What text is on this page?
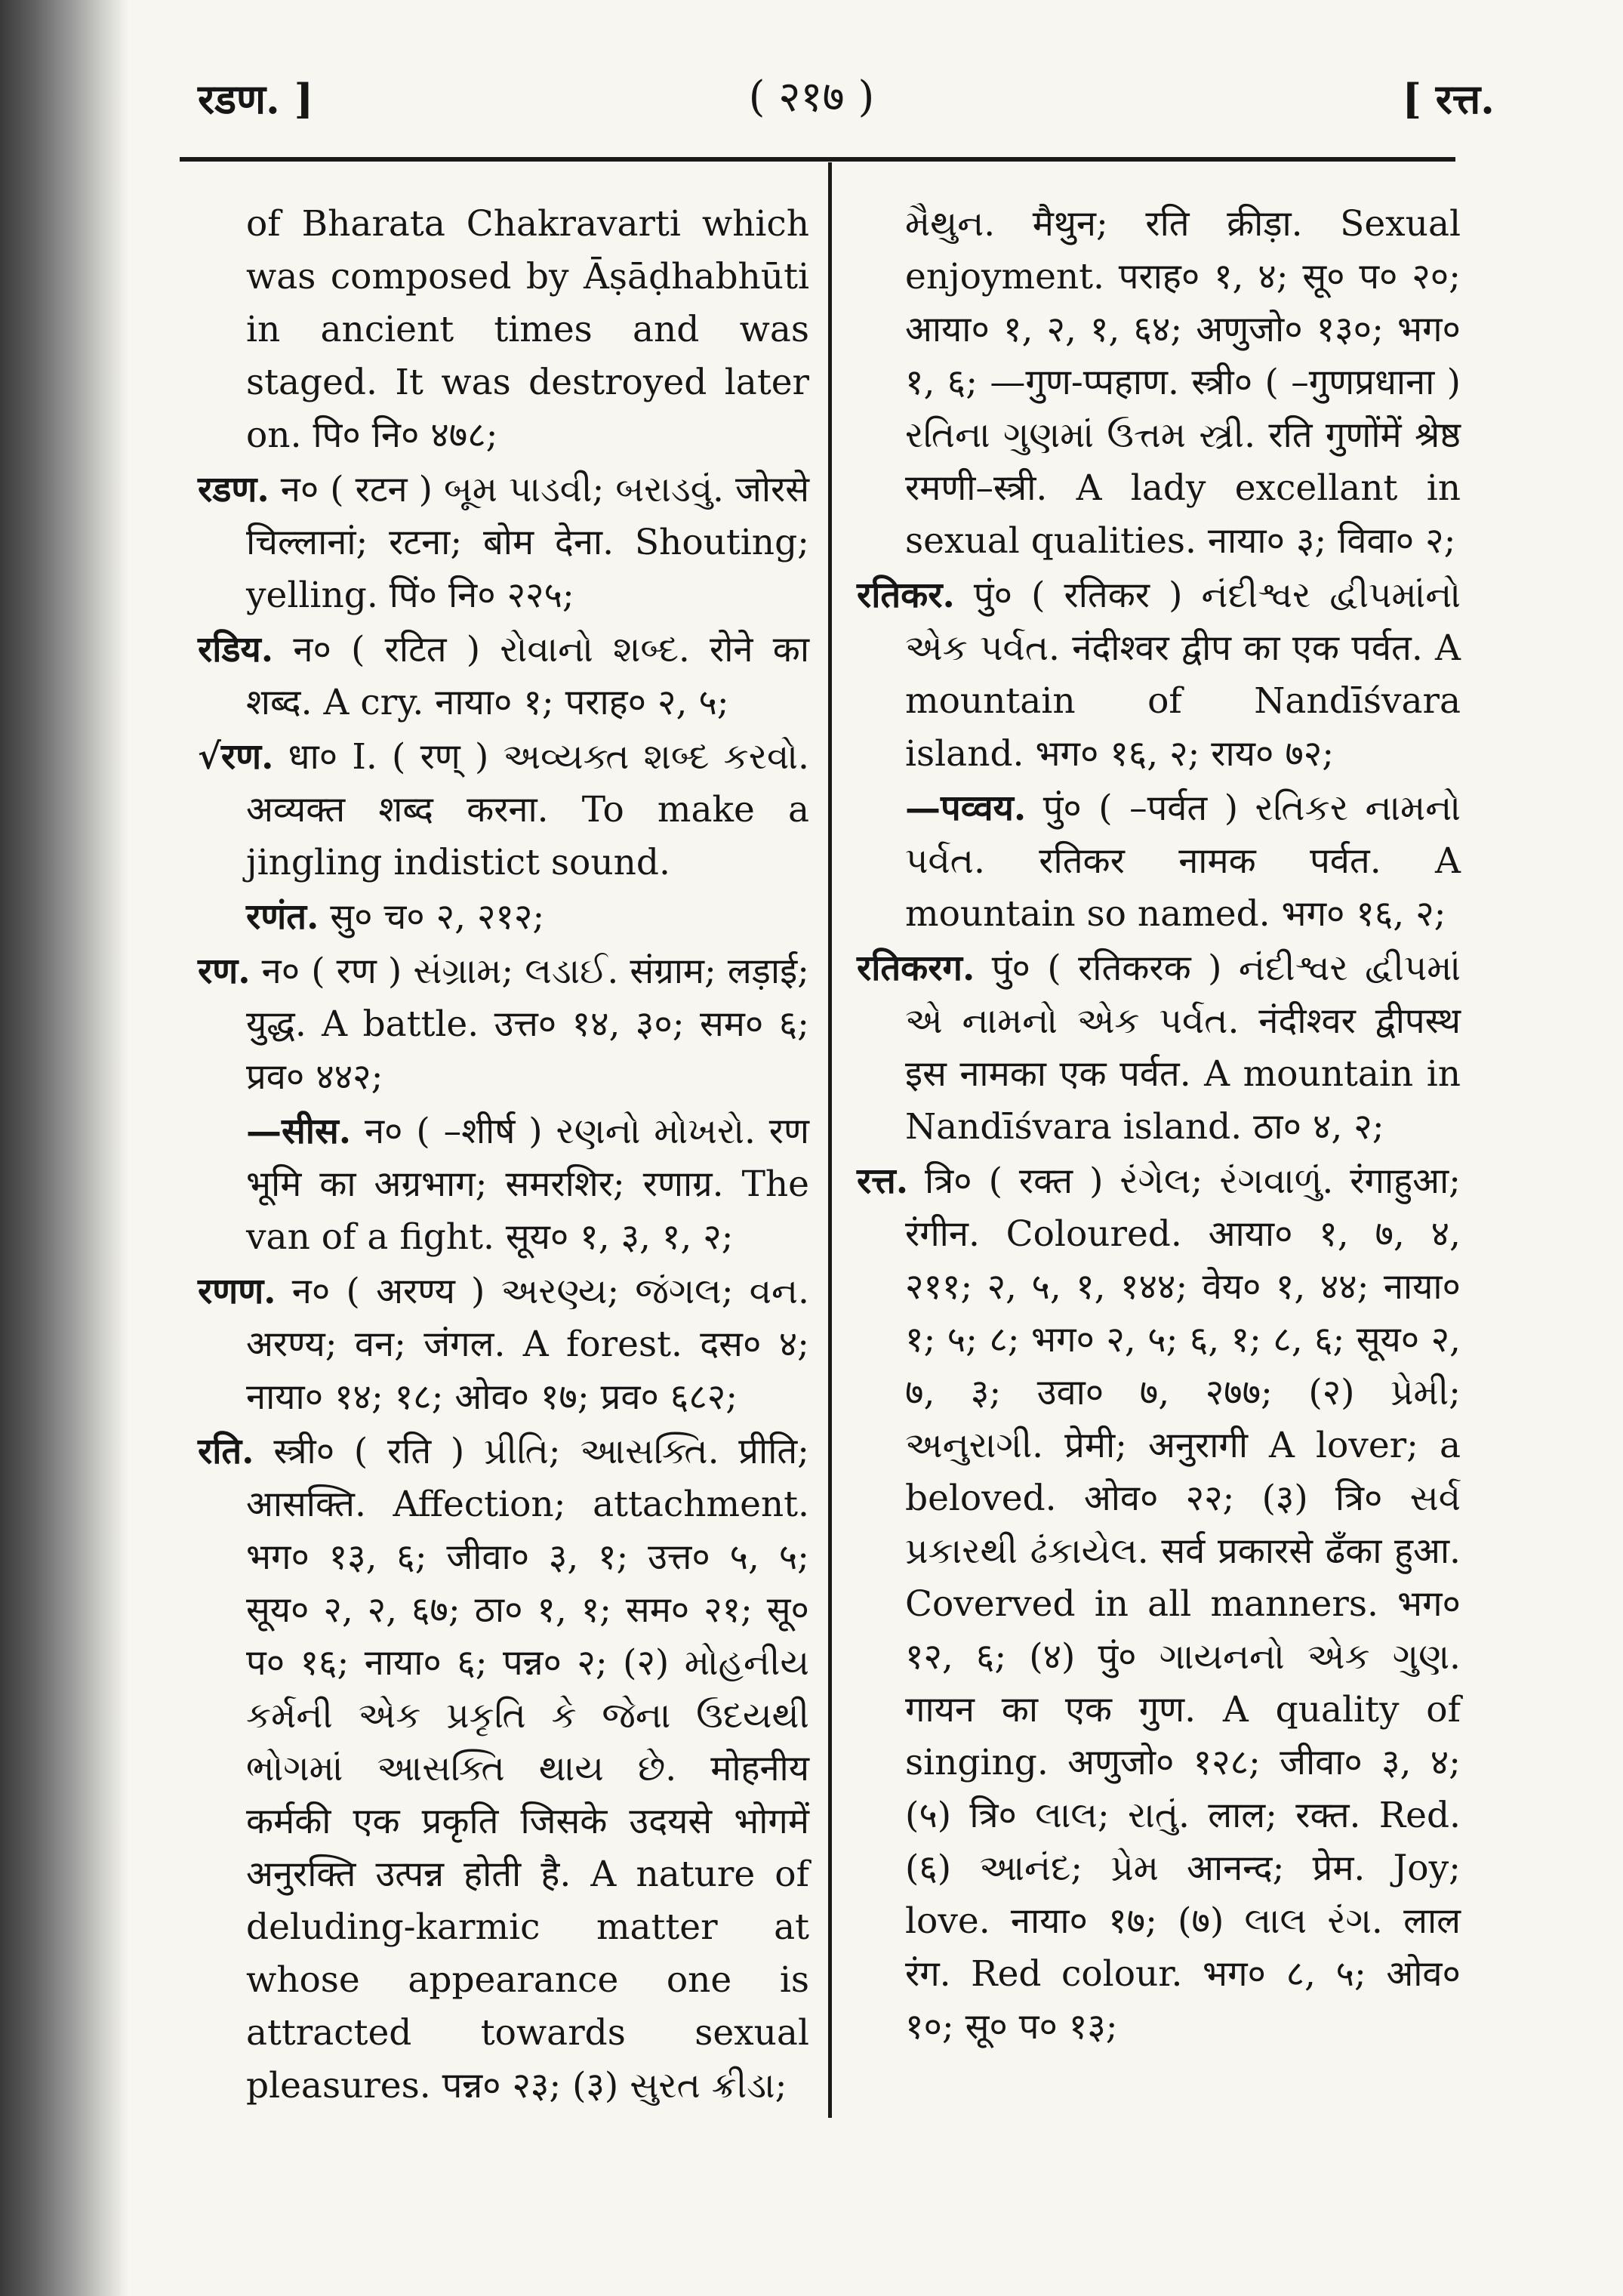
रडण. ]	( २१७ )	[ रत्त.
of Bharata Chakravarti which was composed by Āṣāḍhabhūti in ancient times and was staged. It was destroyed later on. पि० नि० ४७८;
रडण. न० ( रटन ) બૂમ પાડવી; બરાડવું. जोरसे चिल्लानां; रटना; बोम देना. Shouting; yelling. पिं० नि० २२५;
रडिय. न० ( रटित ) રોવાનો શબ્દ. रोने का शब्द. A cry. नाया० १; पराह० २, ५;
√रण. धा० I. ( रण् ) અવ્યક્ત શબ્દ કરવો. अव्यक्त शब्द करना. To make a jingling indistict sound.
रणंत. सु० च० २, २१२;
रण. न० ( रण ) સંગ્રામ; લડાઈ. संग्राम; लड़ाई; युद्ध. A battle. उत्त० १४, ३०; सम० ६; प्रव० ४४२;
—सीस. न० ( –शीर्ष ) રણનો મોખરો. रण भूमि का अग्रभाग; समरशिर; रणाग्र. The van of a fight. सूय० १, ३, १, २;
रणण. न० ( अरण्य ) અરણ્ય; જંગલ; વન. अरण्य; वन; जंगल. A forest. दस० ४; नाया० १४; १८; ओव० १७; प्रव० ६८२;
रति. स्त्री० ( रति ) પ્રીતિ; આસક્તિ. प्रीति; आसक्ति. Affection; attachment. भग० १३, ६; जीवा० ३, १; उत्त० ५, ५; सूय० २, २, ६७; ठा० १, १; सम० २१; सू० प० १६; नाया० ६; पन्न० २; (२) મોહનીય કર્મની એક પ્રકૃતિ કે જેના ઉદયથી ભોગમાં આસક્તિ થાય છે. मोहनीय कर्मकी एक प्रकृति जिसके उदयसे भोगमें अनुरक्ति उत्पन्न होती है. A nature of deluding-karmic matter at whose appearance one is attracted towards sexual pleasures. पन्न० २३; (३) સુરત ક્રીડા;
મૈથુન. मैथुन; रति क्रीड़ा. Sexual enjoyment. पराह० १, ४; सू० प० २०; आया० १, २, १, ६४; अणुजो० १३०; भग० १, ६; —गुण-प्पहाण. स्त्री० ( –गुणप्रधाना ) રતિના ગુણમાં ઉત્તમ સ્ત્રી. रति गुणोंमें श्रेष्ठ रमणी–स्त्री. A lady excellant in sexual qualities. नाया० ३; विवा० २;
रतिकर. पुं० ( रतिकर ) નંદીશ્વર દ્વીપમાંનો એક પર્વત. नंदीश्वर द्वीप का एक पर्वत. A mountain of Nandīśvara island. भग० १६, २; राय० ७२;
—पव्वय. पुं० ( –पर्वत ) રતિકર નામનો પર્વત. रतिकर नामक पर्वत. A mountain so named. भग० १६, २;
रतिकरग. पुं० ( रतिकरक ) નંદીશ્વર દ્વીપમાં એ નામનો એક પર્વત. नंदीश्वर द्वीपस्थ इस नामका एक पर्वत. A mountain in Nandīśvara island. ठा० ४, २;
रत्त. त्रि० ( रक्त ) રંગેલ; રંગવાળું. रंगाहुआ; रंगीन. Coloured. आया० १, ७, ४, २११; २, ५, १, १४४; वेय० १, ४४; नाया० १; ५; ८; भग० २, ५; ६, १; ८, ६; सूय० २, ७, ३; उवा० ७, २७७; (२) પ્રેમી; અનુરાગી. प्रेमी; अनुरागी A lover; a beloved. ओव० २२; (३) त्रि० સર્વ પ્રકારથી ઢંકાયેલ. सर्व प्रकारसे ढँका हुआ. Coverved in all manners. भग० १२, ६; (४) पुं० ગાયનનો એક ગુણ. गायन का एक गुण. A quality of singing. अणुजो० १२८; जीवा० ३, ४; (५) त्रि० લાલ; રાતું. लाल; रक्त. Red. (६) આનંદ; પ્રેમ आनन्द; प्रेम. Joy; love. नाया० १७; (७) લાલ રંગ. लाल रंग. Red colour. भग० ८, ५; ओव० १०; सू० प० १३;
